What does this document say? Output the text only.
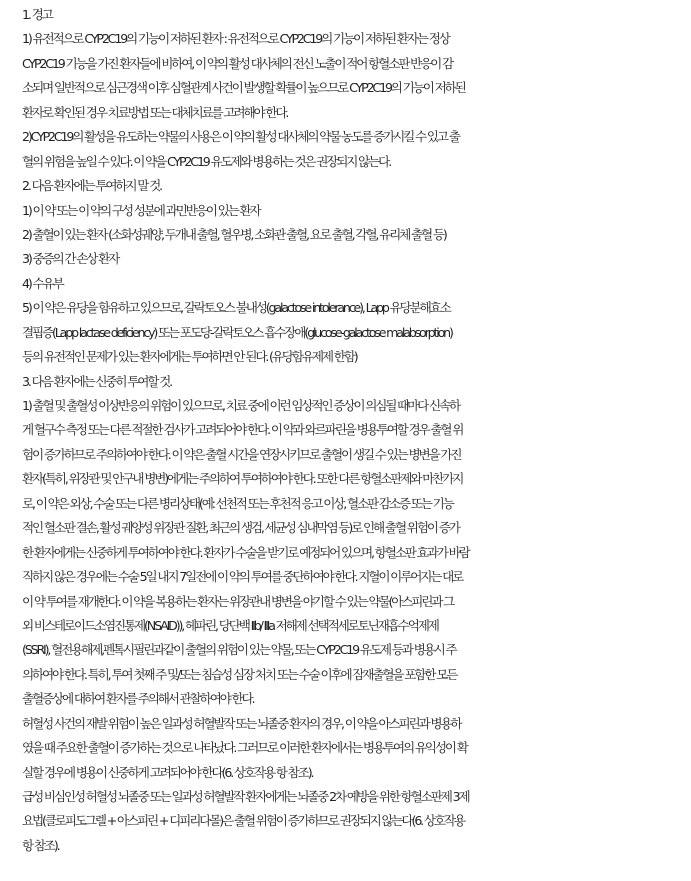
1. 경고
1) 유전적으로 CYP2C19의 기능이 저하된 환자 : 유전적으로 CYP2C19의 기능이 저하된 환자는 정상
CYP2C19 기능을 가진 환자들에 비하여, 이 약의 활성 대사체의 전신 노출이 적어 항혈소판 반응이 감
소되며 일반적으로 심근경색 이후 심혈관계 사건이 발생할 확률이 높으므로 CYP2C19의 기능이 저하된
환자로 확인된 경우 치료방법 또는 대체치료를 고려해야 한다.
2)CYP2C19의 활성을 유도하는 약물의 사용은 이 약의 활성 대사체의 약물 농도를 증가시킬 수 있고 출
혈의 위험을 높일 수 있다. 이 약을 CYP2C19 유도제와 병용하는 것은 권장되지 않는다.
2. 다음 환자에는 투여하지 말 것.
1) 이 약 또는 이 약의 구성 성분에 과민반응이 있는 환자
2) 출혈이 있는 환자 (소화성궤양, 두개내 출혈, 혈우병, 소화관 출혈, 요로 출혈, 각혈, 유리체 출혈 등)
3) 중증의 간 손상 환자
4) 수유부
5) 이 약은 유당을 함유하고 있으므로, 갈락토오스 불내성(galactose intolerance), Lapp 유당분해효소
결핍증(Lapp lactase deficiency) 또는 포도당-갈락토오스 흡수장애(glucose-galactose malabsorption)
등의 유전적인 문제가 있는 환자에게는 투여하면 안 된다. (유당함유제제 한함)
3. 다음 환자에는 신중히 투여할 것.
1) 출혈 및 출혈성 이상반응의 위험이 있으므로, 치료 중에 이런 임상적인 증상이 의심될 때마다 신속하
게 혈구수 측정 또는 다른 적절한 검사가 고려되어야 한다. 이 약과 와르파린을 병용투여할 경우 출혈 위
험이 증가하므로 주의하여야 한다. 이 약은 출혈 시간을 연장시키므로 출혈이 생길 수 있는 병변을 가진
환자(특히, 위장관 및 안구내 병변)에게는 주의하여 투여하여야 한다. 또한 다른 항혈소판제와 마찬가지
로, 이 약은 외상, 수술 또는 다른 병리상태(예: 선천적 또는 후천적 응고 이상, 혈소판 감소증 또는 기능
적인 혈소판 결손, 활성 궤양성 위장관 질환, 최근의 생검, 세균성 심내막염 등)로 인해 출혈 위험이 증가
한 환자에게는 신중하게 투여하여야 한다. 환자가 수술을 받기로 예정되어 있으며, 항혈소판 효과가 바람
직하지 않은 경우에는 수술 5일 내지 7일전에 이 약의 투여를 중단하여야 한다. 지혈이 이루어지는 대로
이 약 투여를 재개한다. 이 약을 복용하는 환자는 위장관내 병변을 야기할 수 있는 약물(아스피린과 그
외 비스테로이드소염진통제(NSAID)), 헤파린, 당단백 IIb/ IIIa 저해제 선택적세로토닌재흡수억제제
(SSRI), 혈전용해제,펜톡시필린과같이 출혈의 위험이 있는 약물, 또는 CYP2C19 유도제 등과 병용시 주
의하여야 한다. 특히, 투여 첫째 주 및/또는 침습성 심장 처치 또는 수술 이후에 잠재출혈을 포함한 모든
출혈증상에 대하여 환자를 주의해서 관찰하여야 한다.
허혈성 사건의 재발 위험이 높은 일과성 허혈발작 또는 뇌졸중 환자의 경우, 이 약을 아스피린과 병용하
였을 때 주요한 출혈이 증가하는 것으로 나타났다. 그러므로 이러한 환자에서는 병용투여의 유익성이 확
실할 경우에 병용이 신중하게 고려되어야 한다(6. 상호작용 항 참조).
급성 비심인성 허혈성 뇌졸중 또는 일과성 허혈발작 환자에게는 뇌졸중 2차 예방을 위한 항혈소판제 3제
요법(클로피도그렐 + 아스피린 + 디피리다몰)은 출혈 위험이 증가하므로 권장되지 않는다(6. 상호작용
항 참조).
